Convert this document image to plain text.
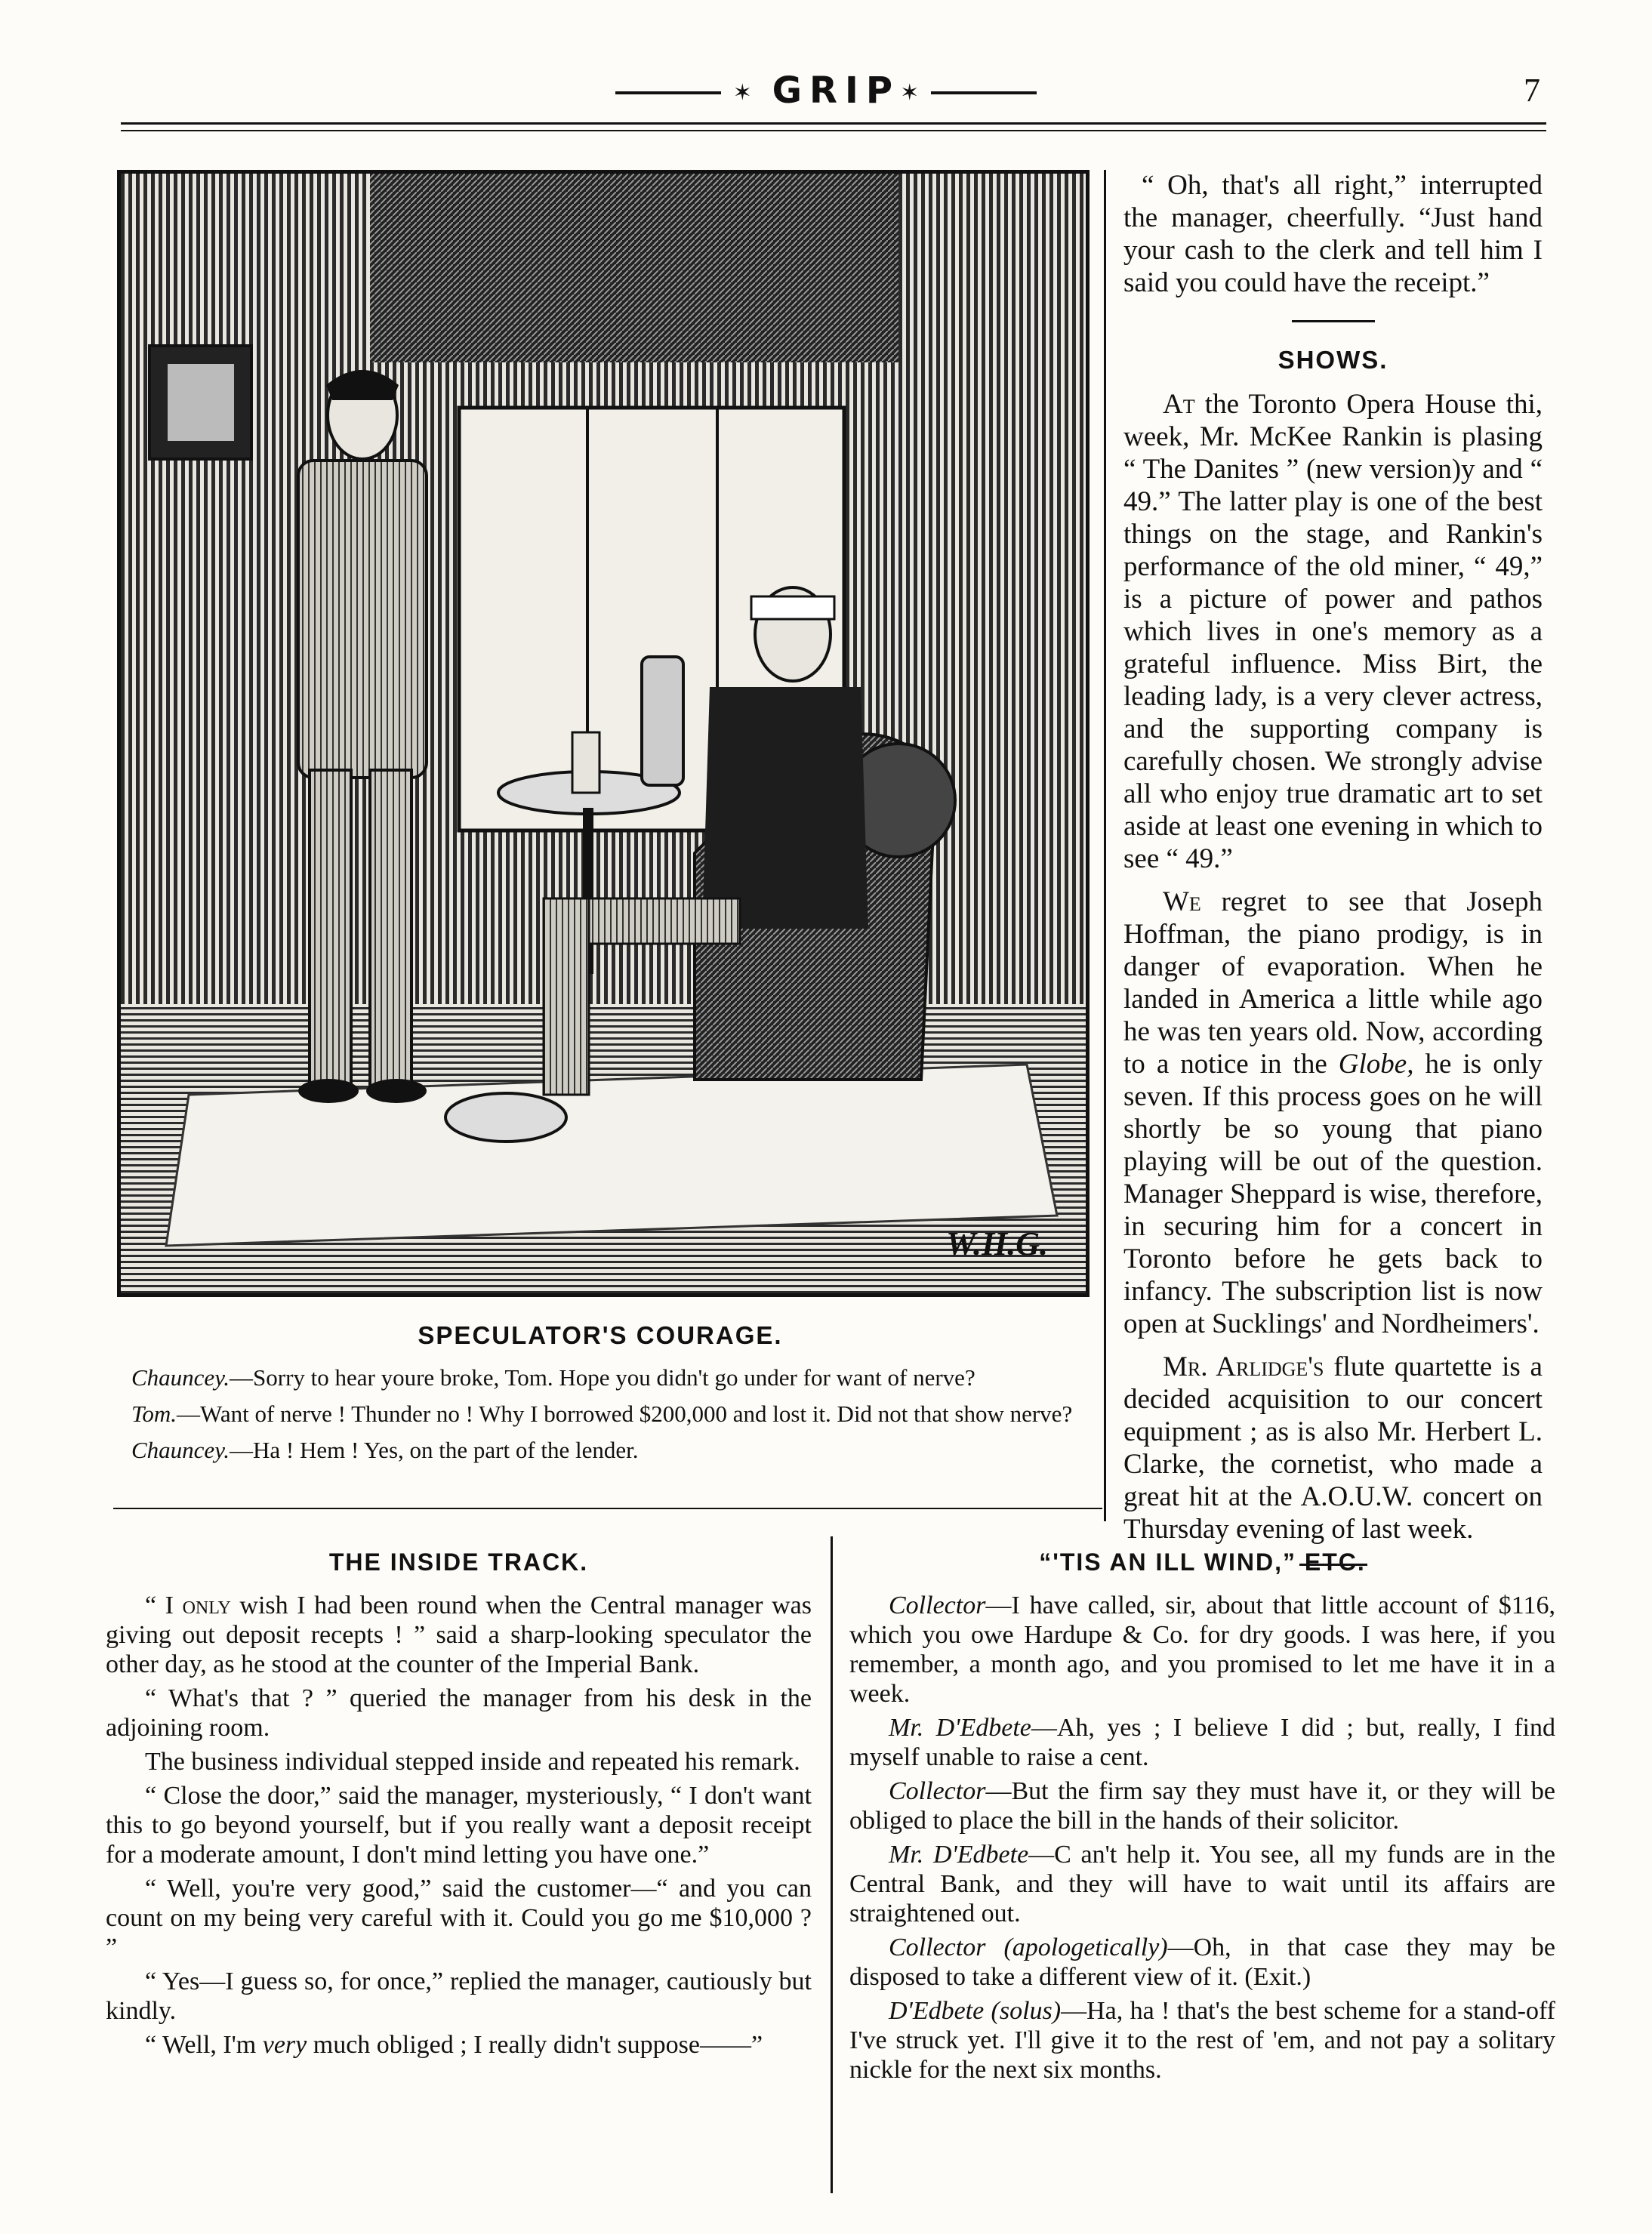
✶ GRIP✶	7
W.H.G.
SPECULATOR'S COURAGE.

Chauncey.—Sorry to hear youre broke, Tom. Hope you didn't go under for want of nerve?

Tom.—Want of nerve ! Thunder no ! Why I borrowed $200,000 and lost it. Did not that show nerve?

Chauncey.—Ha ! Hem ! Yes, on the part of the lender.

“ Oh, that's all right,” interrupted the manager, cheerfully. “Just hand your cash to the clerk and tell him I said you could have the receipt.”

SHOWS.

At the Toronto Opera House thi, week, Mr. McKee Rankin is plasing “ The Danites ” (new version)y and “ 49.” The latter play is one of the best things on the stage, and Rankin's performance of the old miner, “ 49,” is a picture of power and pathos which lives in one's memory as a grateful influence. Miss Birt, the leading lady, is a very clever actress, and the supporting company is carefully chosen. We strongly advise all who enjoy true dramatic art to set aside at least one evening in which to see “ 49.”

We regret to see that Joseph Hoffman, the piano prodigy, is in danger of evaporation. When he landed in America a little while ago he was ten years old. Now, according to a notice in the Globe, he is only seven. If this process goes on he will shortly be so young that piano playing will be out of the question. Manager Sheppard is wise, therefore, in securing him for a concert in Toronto before he gets back to infancy. The subscription list is now open at Sucklings' and Nordheimers'.

Mr. Arlidge's flute quartette is a decided acquisition to our concert equipment ; as is also Mr. Herbert L. Clarke, the cornetist, who made a great hit at the A.O.U.W. concert on Thursday evening of last week.

THE INSIDE TRACK.

“ I only wish I had been round when the Central manager was giving out deposit recepts ! ” said a sharp-looking speculator the other day, as he stood at the counter of the Imperial Bank.

“ What's that ? ” queried the manager from his desk in the adjoining room.

The business individual stepped inside and repeated his remark.

“ Close the door,” said the manager, mysteriously, “ I don't want this to go beyond yourself, but if you really want a deposit receipt for a moderate amount, I don't mind letting you have one.”

“ Well, you're very good,” said the customer—“ and you can count on my being very careful with it. Could you go me $10,000 ? ”

“ Yes—I guess so, for once,” replied the manager, cautiously but kindly.

“ Well, I'm very much obliged ; I really didn't suppose——”

“'TIS AN ILL WIND,” ETC.

Collector—I have called, sir, about that little account of $116, which you owe Hardupe & Co. for dry goods. I was here, if you remember, a month ago, and you promised to let me have it in a week.

Mr. D'Edbete—Ah, yes ; I believe I did ; but, really, I find myself unable to raise a cent.

Collector—But the firm say they must have it, or they will be obliged to place the bill in the hands of their solicitor.

Mr. D'Edbete—C an't help it. You see, all my funds are in the Central Bank, and they will have to wait until its affairs are straightened out.

Collector (apologetically)—Oh, in that case they may be disposed to take a different view of it. (Exit.)

D'Edbete (solus)—Ha, ha ! that's the best scheme for a stand-off I've struck yet. I'll give it to the rest of 'em, and not pay a solitary nickle for the next six months.
